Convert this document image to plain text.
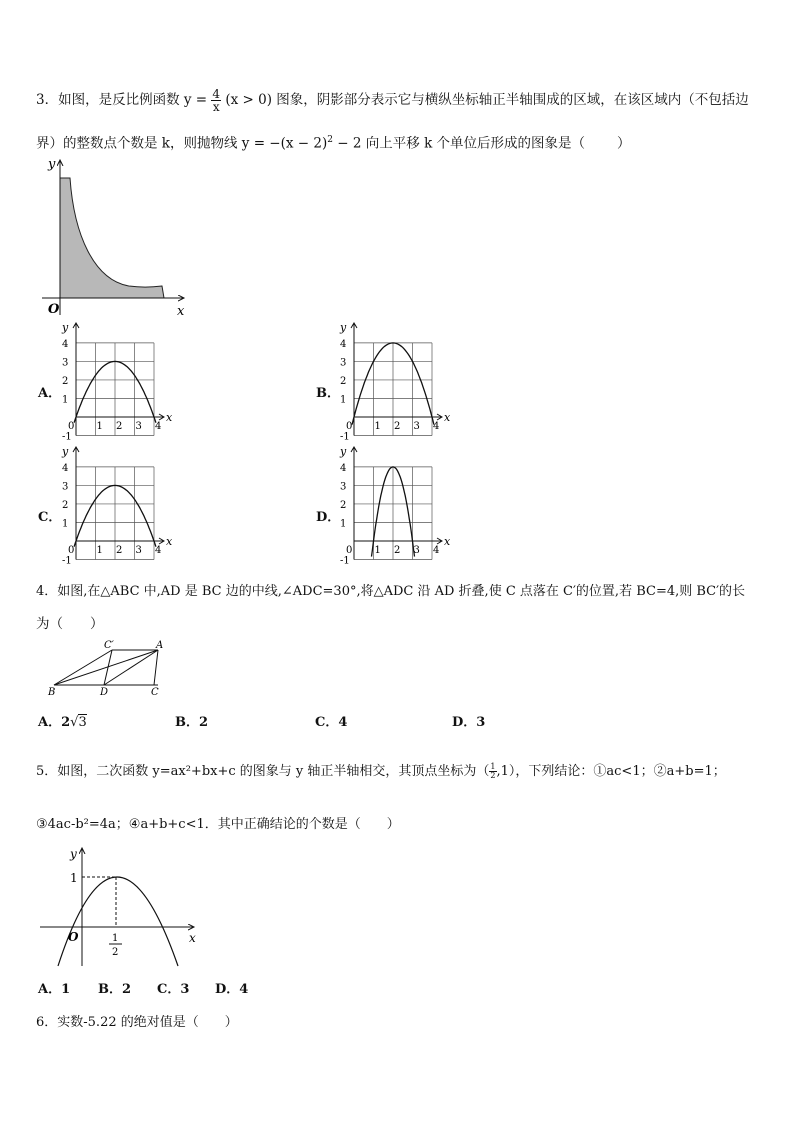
3．如图，是反比例函数 $y = \frac{4}{x} (x > 0)$ 图象，阴影部分表示它与横纵坐标轴正半轴围成的区域，在该区域内（不包括边
界）的整数点个数是 k，则抛物线 $y = -(x - 2)^2 - 2$ 向上平移 k 个单位后形成的图象是（ ）
y
x
O
A．
4
3
2
1
-1
0 1 2 3 4
y
x
B．
4
3
2
1
-1
0 1 2 3 4
y
x
C．
4
3
2
1
-1
0 1 2 3 4
y
x
D．
4
3
2
1
-1
0 1 2 3 4
y
x
4．如图,在△ABC 中,AD 是 BC 边的中线,∠ADC=30°,将△ADC 沿 AD 折叠,使 C 点落在 C′的位置,若 BC=4,则 BC′的长
为（　　）
B	D	C
C′	A
A．2√3	B．2	C．4	D．3
5．如图，二次函数 y=ax²+bx+c 的图象与 y 轴正半轴相交，其顶点坐标为（ $\frac{1}{2} ,1$），下列结论：①ac<1；②a+b=1；
③4ac-b²=4a；④a+b+c<1．其中正确结论的个数是（　　）
y
x
O
1
1
2
A．1 B．2 C．3 D．4
6．实数-5.22 的绝对值是（　　）
